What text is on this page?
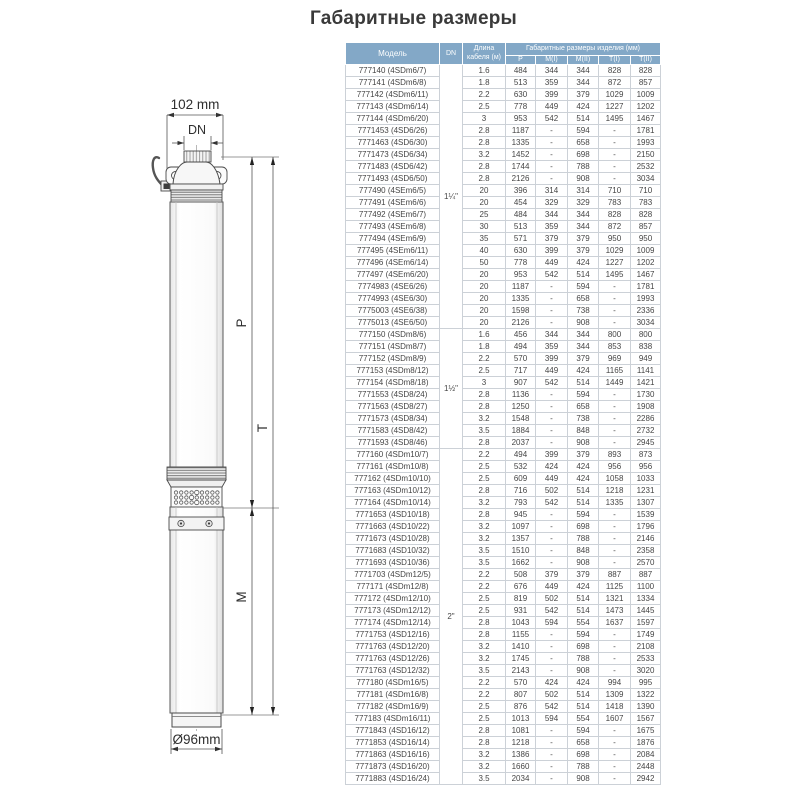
Габаритные размеры
102 mm
DN
P
M
T
Ø96mm
Модель	DN	Длина кабеля (м)	Габаритные размеры изделия (мм)				
			P	M(I)	M(II)	T(I)	T(II)
777140 (4SDm6/7)	1¼"	1.6	484	344	344	828	828
777141 (4SDm6/8)		1.8	513	359	344	872	857
777142 (4SDm6/11)		2.2	630	399	379	1029	1009
777143 (4SDm6/14)		2.5	778	449	424	1227	1202
777144 (4SDm6/20)		3	953	542	514	1495	1467
7771453 (4SD6/26)		2.8	1187	-	594	-	1781
7771463 (4SD6/30)		2.8	1335	-	658	-	1993
7771473 (4SD6/34)		3.2	1452	-	698	-	2150
7771483 (4SD6/42)		2.8	1744	-	788	-	2532
7771493 (4SD6/50)		2.8	2126	-	908	-	3034
777490 (4SEm6/5)		20	396	314	314	710	710
777491 (4SEm6/6)		20	454	329	329	783	783
777492 (4SEm6/7)		25	484	344	344	828	828
777493 (4SEm6/8)		30	513	359	344	872	857
777494 (4SEm6/9)		35	571	379	379	950	950
777495 (4SEm6/11)		40	630	399	379	1029	1009
777496 (4SEm6/14)		50	778	449	424	1227	1202
777497 (4SEm6/20)		20	953	542	514	1495	1467
7774983 (4SE6/26)		20	1187	-	594	-	1781
7774993 (4SE6/30)		20	1335	-	658	-	1993
7775003 (4SE6/38)		20	1598	-	738	-	2336
7775013 (4SE6/50)		20	2126	-	908	-	3034
777150 (4SDm8/6)	1½"	1.6	456	344	344	800	800
777151 (4SDm8/7)		1.8	494	359	344	853	838
777152 (4SDm8/9)		2.2	570	399	379	969	949
777153 (4SDm8/12)		2.5	717	449	424	1165	1141
777154 (4SDm8/18)		3	907	542	514	1449	1421
7771553 (4SD8/24)		2.8	1136	-	594	-	1730
7771563 (4SD8/27)		2.8	1250	-	658	-	1908
7771573 (4SD8/34)		3.2	1548	-	738	-	2286
7771583 (4SD8/42)		3.5	1884	-	848	-	2732
7771593 (4SD8/46)		2.8	2037	-	908	-	2945
777160 (4SDm10/7)	2"	2.2	494	399	379	893	873
777161 (4SDm10/8)		2.5	532	424	424	956	956
777162 (4SDm10/10)		2.5	609	449	424	1058	1033
777163 (4SDm10/12)		2.8	716	502	514	1218	1231
777164 (4SDm10/14)		3.2	793	542	514	1335	1307
7771653 (4SD10/18)		2.8	945	-	594	-	1539
7771663 (4SD10/22)		3.2	1097	-	698	-	1796
7771673 (4SD10/28)		3.2	1357	-	788	-	2146
7771683 (4SD10/32)		3.5	1510	-	848	-	2358
7771693 (4SD10/36)		3.5	1662	-	908	-	2570
7771703 (4SDm12/5)		2.2	508	379	379	887	887
777171 (4SDm12/8)		2.2	676	449	424	1125	1100
777172 (4SDm12/10)		2.5	819	502	514	1321	1334
777173 (4SDm12/12)		2.5	931	542	514	1473	1445
777174 (4SDm12/14)		2.8	1043	594	554	1637	1597
7771753 (4SD12/16)		2.8	1155	-	594	-	1749
7771763 (4SD12/20)		3.2	1410	-	698	-	2108
7771763 (4SD12/26)		3.2	1745	-	788	-	2533
7771763 (4SD12/32)		3.5	2143	-	908	-	3020
777180 (4SDm16/5)		2.2	570	424	424	994	995
777181 (4SDm16/8)		2.2	807	502	514	1309	1322
777182 (4SDm16/9)		2.5	876	542	514	1418	1390
777183 (4SDm16/11)		2.5	1013	594	554	1607	1567
7771843 (4SD16/12)		2.8	1081	-	594	-	1675
7771853 (4SD16/14)		2.8	1218	-	658	-	1876
7771863 (4SD16/16)		3.2	1386	-	698	-	2084
7771873 (4SD16/20)		3.2	1660	-	788	-	2448
7771883 (4SD16/24)		3.5	2034	-	908	-	2942
